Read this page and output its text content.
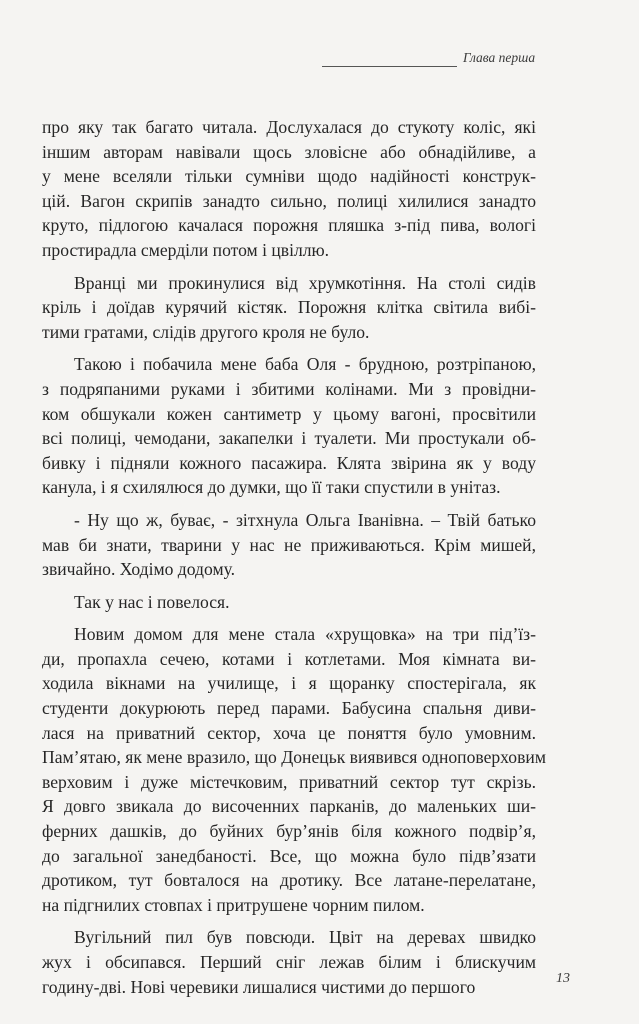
Глава перша
про яку так багато читала. Дослухалася до стукоту коліс, які
іншим авторам навівали щось зловісне або обнадійливе, а
у мене вселяли тільки сумніви щодо надійності конструк-
цій. Вагон скрипів занадто сильно, полиці хилилися занадто
круто, підлогою качалася порожня пляшка з-під пива, вологі
простирадла смерділи потом і цвіллю.
Вранці ми прокинулися від хрумкотіння. На столі сидів
кріль і доїдав курячий кістяк. Порожня клітка світила вибі-
тими гратами, слідів другого кроля не було.
Такою і побачила мене баба Оля - брудною, розтріпаною,
з подряпаними руками і збитими колінами. Ми з провідни-
ком обшукали кожен сантиметр у цьому вагоні, просвітили
всі полиці, чемодани, закапелки і туалети. Ми простукали об-
бивку і підняли кожного пасажира. Клята звірина як у воду
канула, і я схилялюся до думки, що її таки спустили в унітаз.
- Ну що ж, буває, - зітхнула Ольга Іванівна. – Твій батько
мав би знати, тварини у нас не приживаються. Крім мишей,
звичайно. Ходімо додому.
Так у нас і повелося.
Новим домом для мене стала «хрущовка» на три під’їз-
ди, пропахла сечею, котами і котлетами. Моя кімната ви-
ходила вікнами на училище, і я щоранку спостерігала, як
студенти докурюють перед парами. Бабусина спальня диви-
лася на приватний сектор, хоча це поняття було умовним.
Пам’ятаю, як мене вразило, що Донецьк виявився одноповерховим
верховим і дуже містечковим, приватний сектор тут скрізь.
Я довго звикала до височенних парканів, до маленьких ши-
ферних дашків, до буйних бур’янів біля кожного подвір’я,
до загальної занедбаності. Все, що можна було підв’язати
дротиком, тут бовталося на дротику. Все латане-перелатане,
на підгнилих стовпах і притрушене чорним пилом.
Вугільний пил був повсюди. Цвіт на деревах швидко
жух і обсипався. Перший сніг лежав білим і блискучим
годину-дві. Нові черевики лишалися чистими до першого	13
